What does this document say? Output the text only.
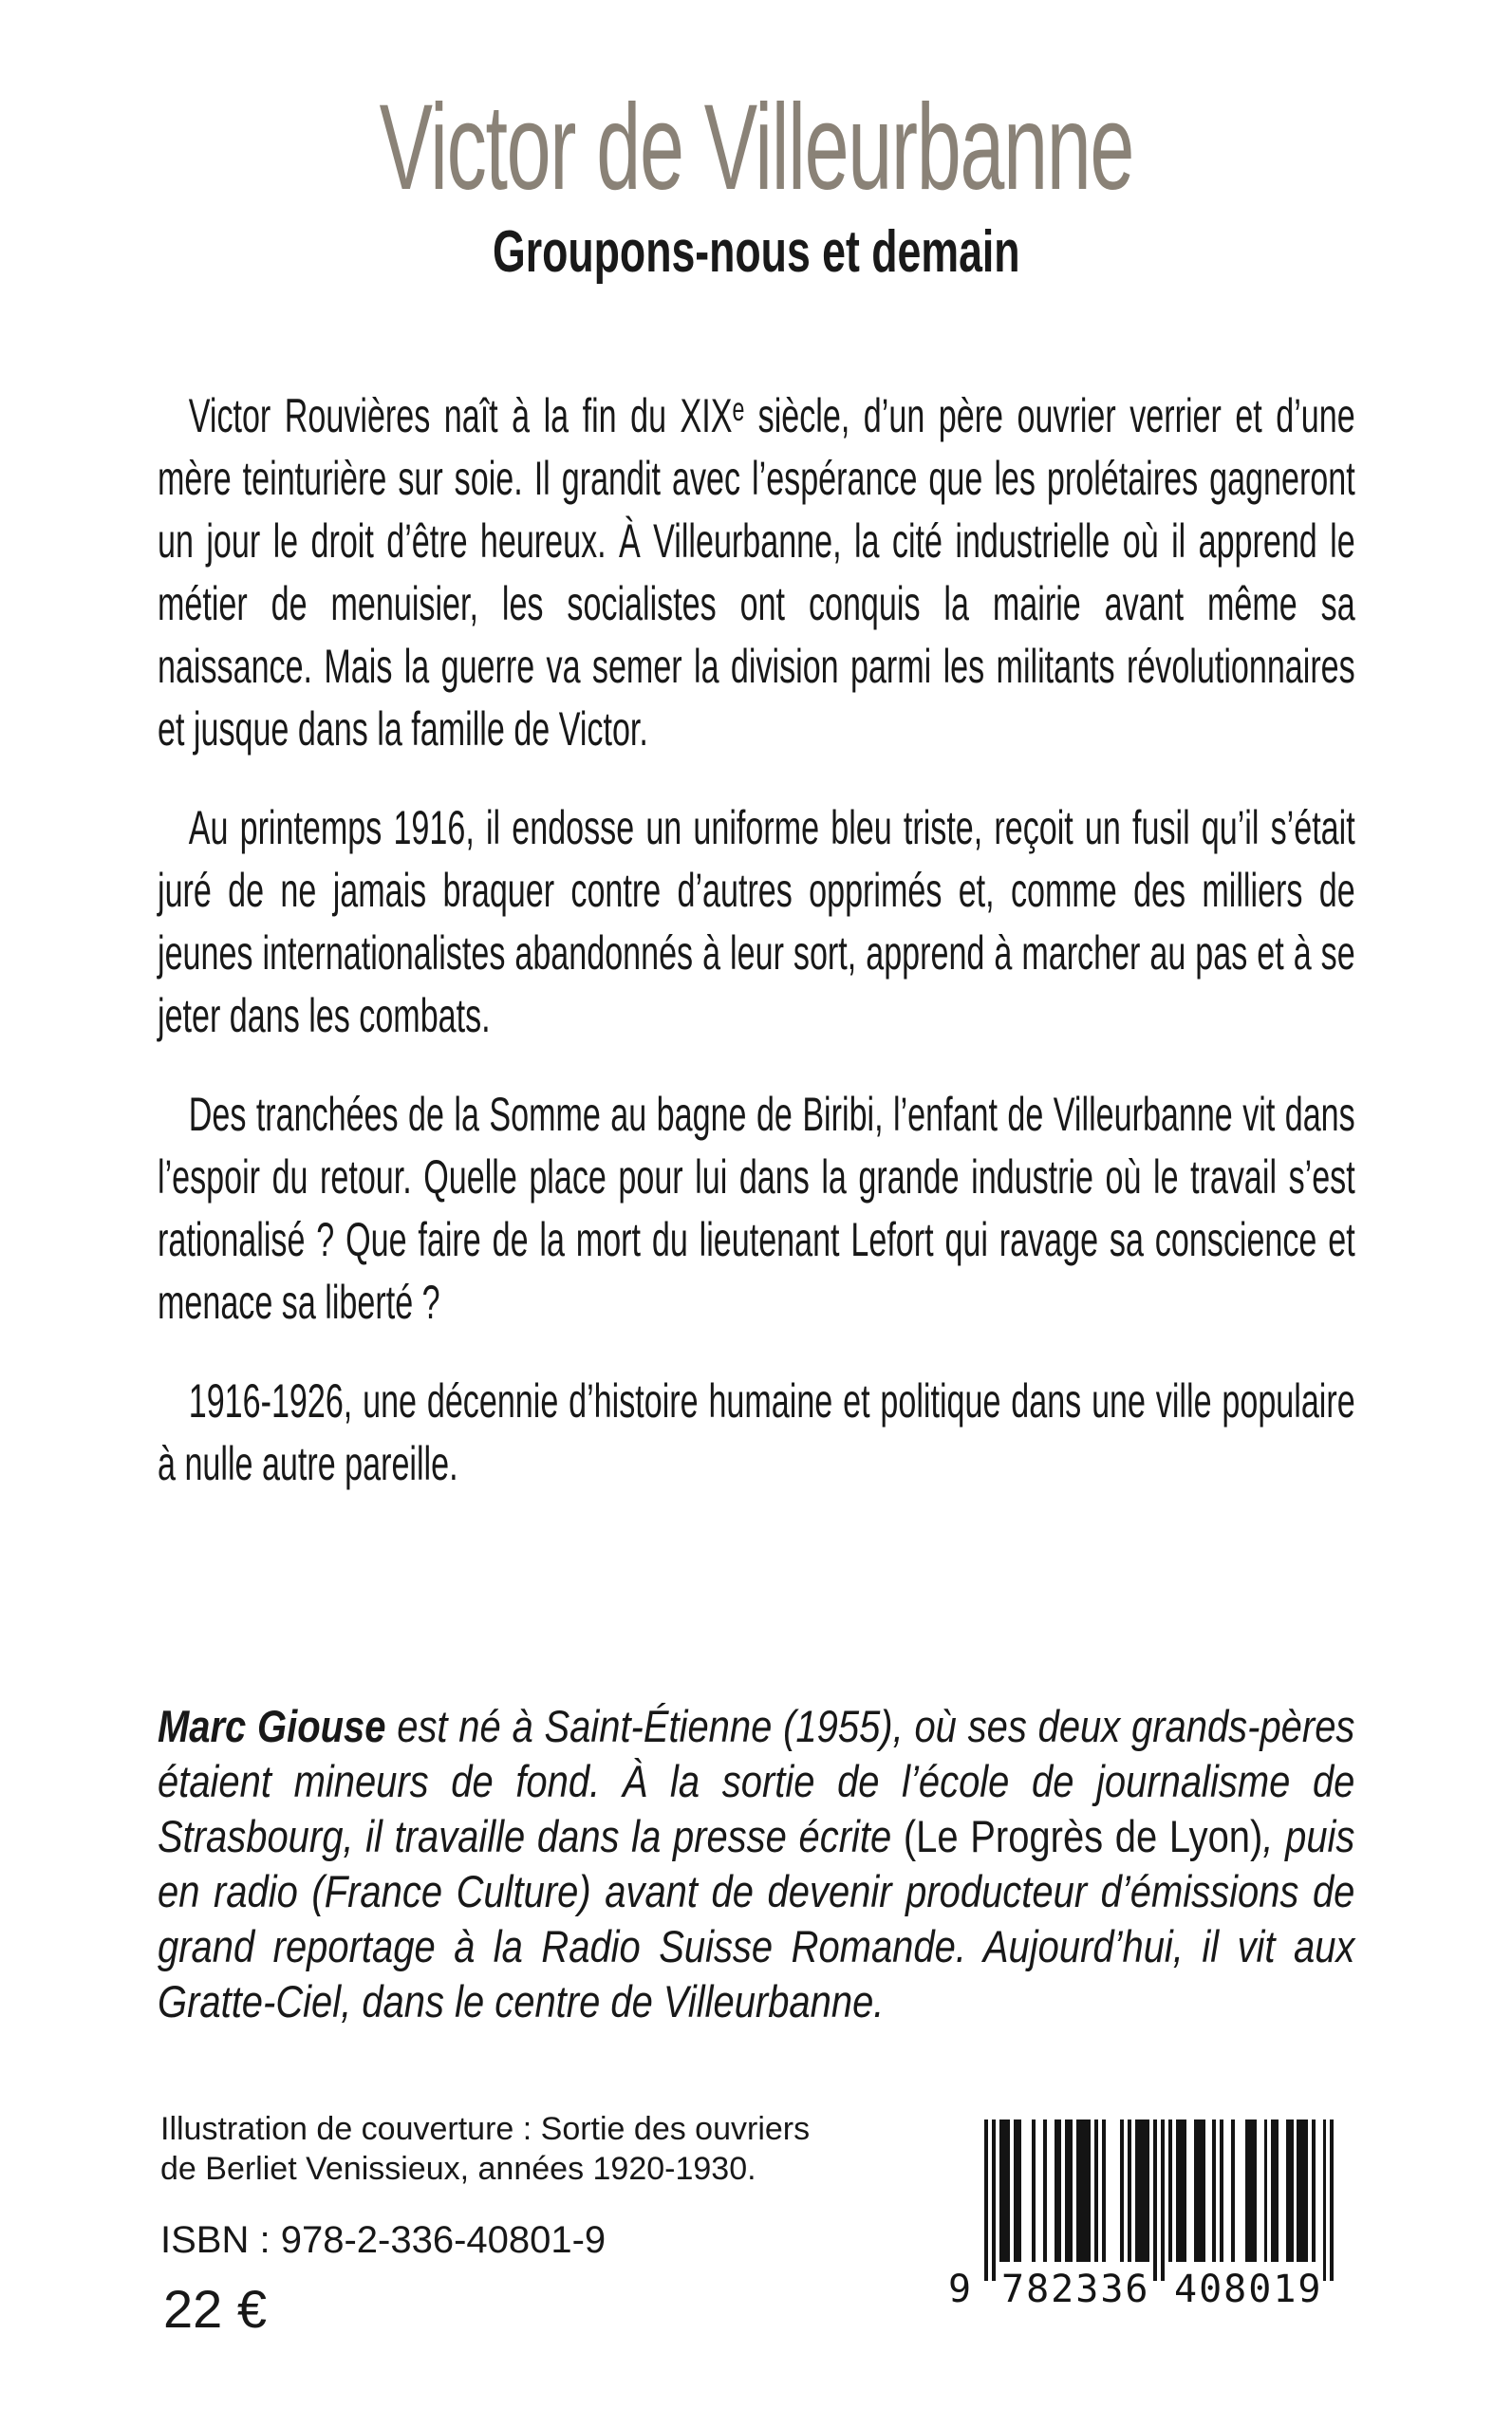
Victor de Villeurbanne
Groupons-nous et demain

Victor Rouvières naît à la fin du XIXᵉ siècle, d’un père ouvrier verrier et d’une mère teinturière sur soie. Il grandit avec l’espérance que les prolétaires gagneront un jour le droit d’être heureux. À Villeurbanne, la cité industrielle où il apprend le métier de menuisier, les socialistes ont conquis la mairie avant même sa naissance. Mais la guerre va semer la division parmi les militants révolutionnaires et jusque dans la famille de Victor.

Au printemps 1916, il endosse un uniforme bleu triste, reçoit un fusil qu’il s’était juré de ne jamais braquer contre d’autres opprimés et, comme des milliers de jeunes internationalistes abandonnés à leur sort, apprend à marcher au pas et à se jeter dans les combats.

Des tranchées de la Somme au bagne de Biribi, l’enfant de Villeurbanne vit dans l’espoir du retour. Quelle place pour lui dans la grande industrie où le travail s’est rationalisé ? Que faire de la mort du lieutenant Lefort qui ravage sa conscience et menace sa liberté ?

1916-1926, une décennie d’histoire humaine et politique dans une ville populaire à nulle autre pareille.

Marc Giouse est né à Saint-Étienne (1955), où ses deux grands-pères étaient mineurs de fond. À la sortie de l’école de journalisme de Strasbourg, il travaille dans la presse écrite (Le Progrès de Lyon), puis en radio (France Culture) avant de devenir producteur d’émissions de grand reportage à la Radio Suisse Romande. Aujourd’hui, il vit aux Gratte-Ciel, dans le centre de Villeurbanne.

Illustration de couverture : Sortie des ouvriers
de Berliet Venissieux, années 1920-1930.
ISBN : 978-2-336-40801-9
22 €	9 782336 408019
